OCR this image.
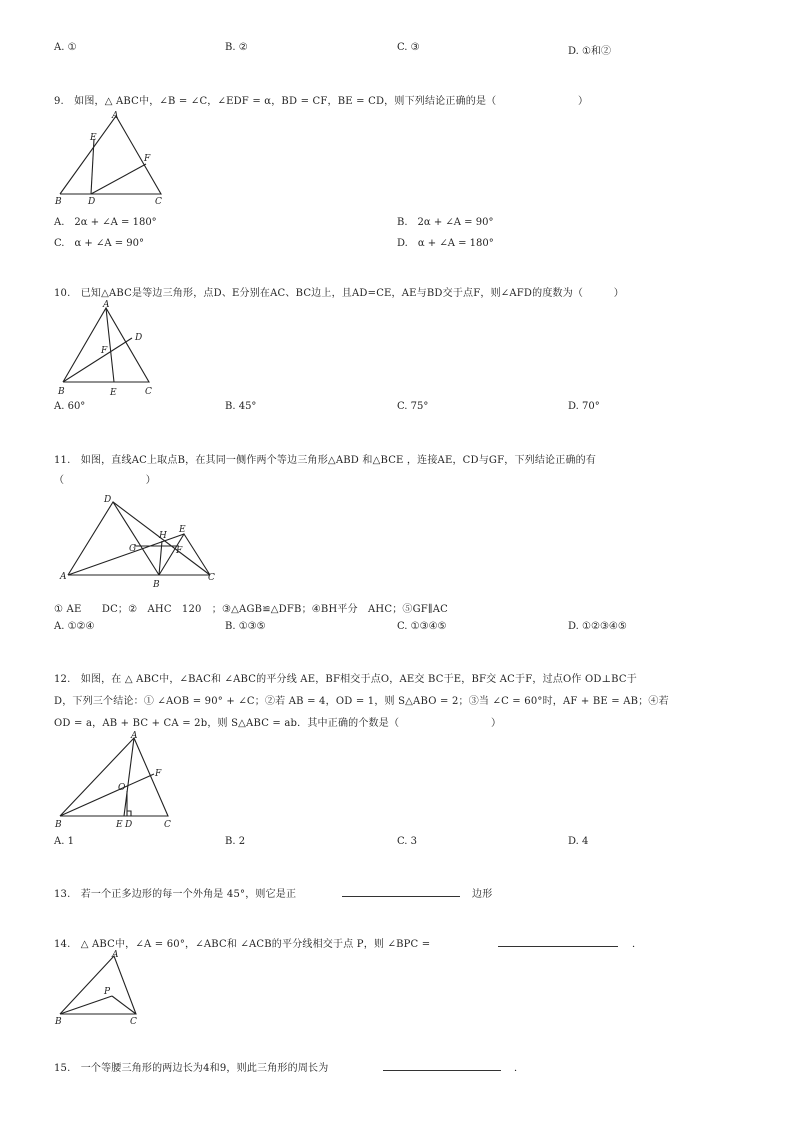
A. ①	B. ②	C. ③	D. ①和②
9.　如图，△ ABC中，∠B = ∠C，∠EDF = α，BD = CF，BE = CD，则下列结论正确的是（　　　　　　　　）
A
E
F
B	D	C
A.　2α + ∠A = 180°	B.　2α + ∠A = 90°
C.　α + ∠A = 90°	D.　α + ∠A = 180°
10.　已知△ABC是等边三角形，点D、E分别在AC、BC边上，且AD=CE，AE与BD交于点F，则∠AFD的度数为（　　　）
A
D
F
B	E	C
A. 60°	B. 45°	C. 75°	D. 70°
11.　如图，直线AC上取点B，在其同一侧作两个等边三角形△ABD 和△BCE ，连接AE，CD与GF，下列结论正确的有
（　　　　　　　　）
D
E
H
G	F
A
B
C
① AE　　DC；②　AHC　120　；③△AGB≌△DFB；④BH平分　AHC；⑤GF∥AC
A. ①②④	B. ①③⑤	C. ①③④⑤	D. ①②③④⑤
12.　如图，在 △ ABC中，∠BAC和 ∠ABC的平分线 AE，BF相交于点O，AE交 BC于E，BF交 AC于F，过点O作 OD⊥BC于
D，下列三个结论：① ∠AOB = 90° + ∠C；②若 AB = 4，OD = 1，则 S△ABO = 2；③当 ∠C = 60°时，AF + BE = AB；④若
OD = a，AB + BC + CA = 2b，则 S△ABC = ab．其中正确的个数是（　　　　　　　　　）
A
F
O
B	E D	C
A. 1	B. 2	C. 3	D. 4
13.　若一个正多边形的每一个外角是 45°，则它是正	边形
14.　△ ABC中，∠A = 60°，∠ABC和 ∠ACB的平分线相交于点 P，则 ∠BPC =	．
A
P
B	C
15.　一个等腰三角形的两边长为4和9，则此三角形的周长为	．
